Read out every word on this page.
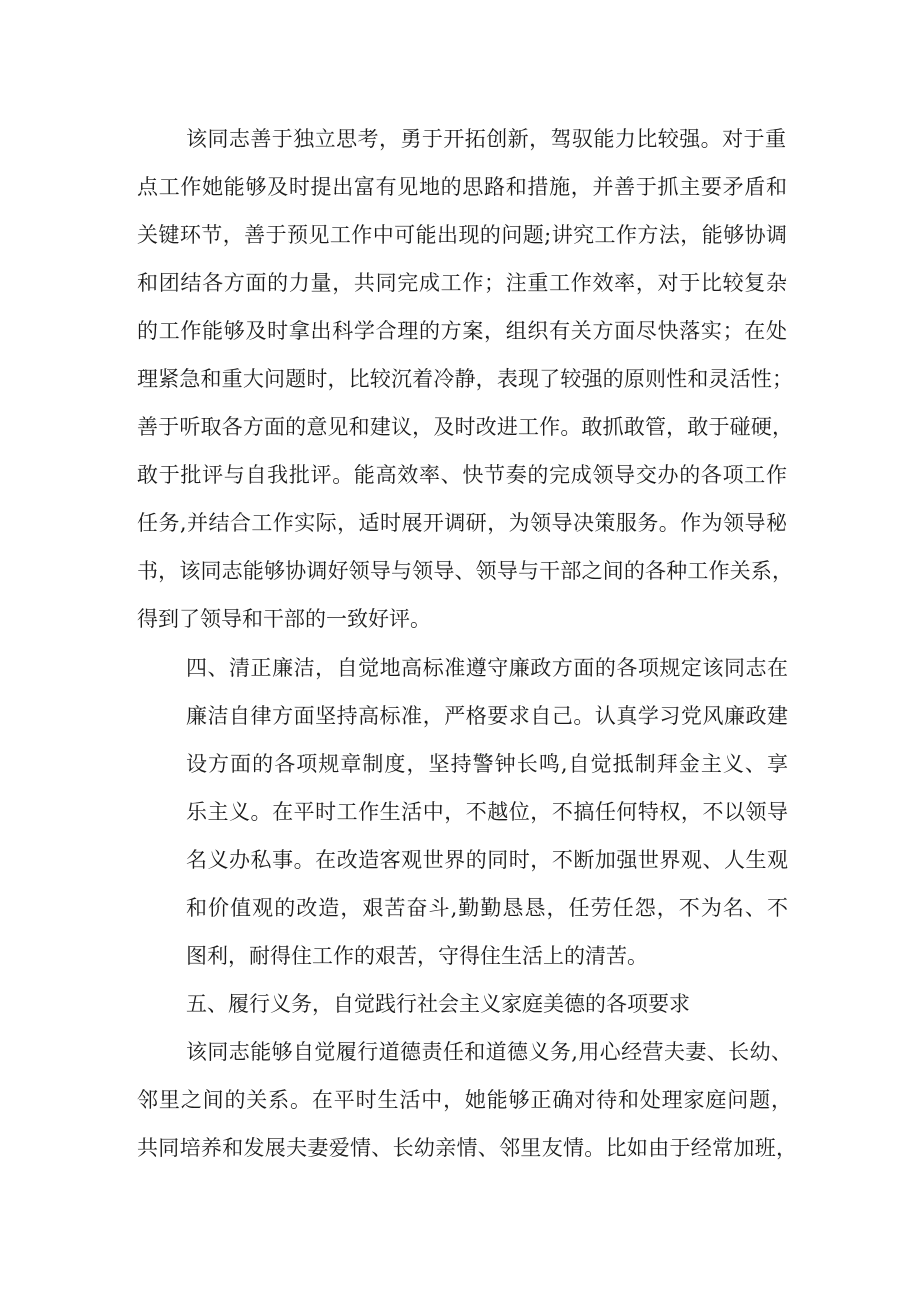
该同志善于独立思考，勇于开拓创新，驾驭能力比较强。对于重

点工作她能够及时提出富有见地的思路和措施，并善于抓主要矛盾和

关键环节，善于预见工作中可能出现的问题;讲究工作方法，能够协调

和团结各方面的力量，共同完成工作；注重工作效率，对于比较复杂

的工作能够及时拿出科学合理的方案，组织有关方面尽快落实；在处

理紧急和重大问题时，比较沉着冷静，表现了较强的原则性和灵活性；

善于听取各方面的意见和建议，及时改进工作。敢抓敢管，敢于碰硬，

敢于批评与自我批评。能高效率、快节奏的完成领导交办的各项工作

任务,并结合工作实际，适时展开调研，为领导决策服务。作为领导秘

书，该同志能够协调好领导与领导、领导与干部之间的各种工作关系，

得到了领导和干部的一致好评。

四、清正廉洁，自觉地高标准遵守廉政方面的各项规定该同志在

廉洁自律方面坚持高标准，严格要求自己。认真学习党风廉政建

设方面的各项规章制度，坚持警钟长鸣,自觉抵制拜金主义、享

乐主义。在平时工作生活中，不越位，不搞任何特权，不以领导

名义办私事。在改造客观世界的同时，不断加强世界观、人生观

和价值观的改造，艰苦奋斗,勤勤恳恳，任劳任怨，不为名、不

图利，耐得住工作的艰苦，守得住生活上的清苦。

五、履行义务，自觉践行社会主义家庭美德的各项要求

该同志能够自觉履行道德责任和道德义务,用心经营夫妻、长幼、

邻里之间的关系。在平时生活中，她能够正确对待和处理家庭问题，

共同培养和发展夫妻爱情、长幼亲情、邻里友情。比如由于经常加班，
